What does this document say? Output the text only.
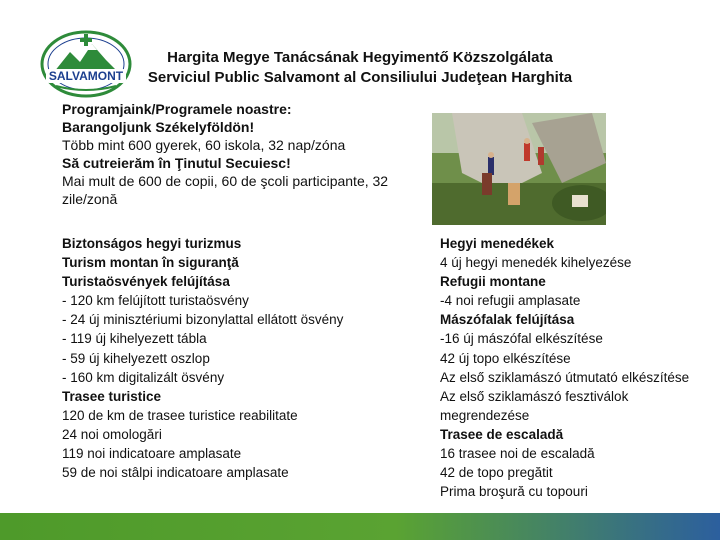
SALVAMONT
Hargita Megye Tanácsának Hegyimentő Közszolgálata
Serviciul Public Salvamont al Consiliului Judeţean Harghita
Programjaink/Programele noastre:
Barangoljunk Székelyföldön!
Több mint 600 gyerek, 60 iskola, 32 nap/zóna
Să cutreierăm în Ţinutul Secuiesc!
Mai mult de 600 de copii, 60 de şcoli participante, 32
zile/zonă
Biztonságos hegyi turizmus
Turism montan în siguranţă
Turistaösvények felújítása
- 120 km felújított turistaösvény
- 24 új minisztériumi bizonylattal ellátott ösvény
- 119 új kihelyezett tábla
- 59 új kihelyezett oszlop
- 160 km digitalizált ösvény
Trasee turistice
120 de km de trasee turistice reabilitate
24 noi omologări
119 noi indicatoare amplasate
59 de noi stâlpi indicatoare amplasate
Hegyi menedékek
4 új hegyi menedék kihelyezése
Refugii montane
-4 noi refugii amplasate
Mászófalak felújítása
-16 új mászófal elkészítése
42 új topo elkészítése
Az első sziklamászó útmutató elkészítése
Az első sziklamászó fesztiválok
megrendezése
Trasee de escaladă
16 trasee noi de escaladă
42 de topo pregătit
Prima broşură cu topouri
